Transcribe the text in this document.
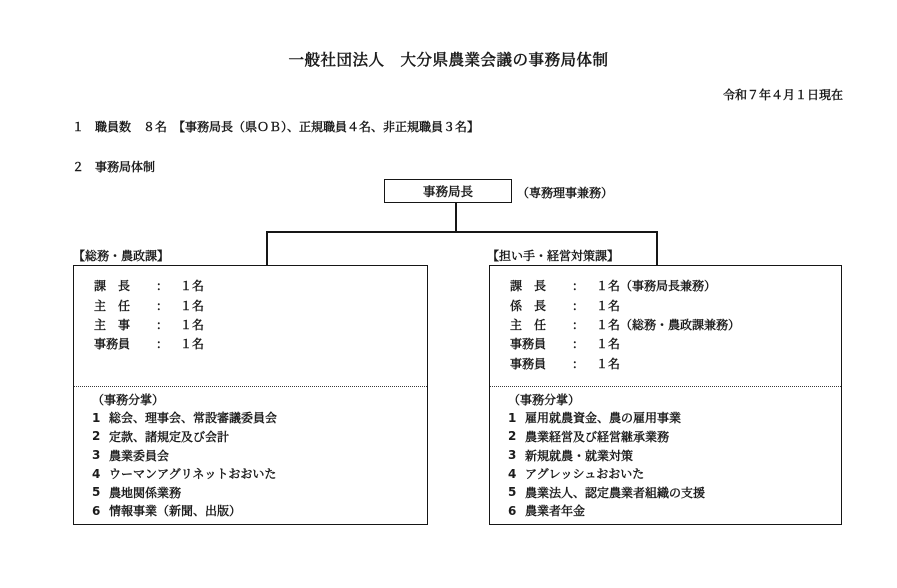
一般社団法人　大分県農業会議の事務局体制
令和７年４月１日現在
１ 職員数　８名　【事務局長（県ＯＢ）、正規職員４名、非正規職員３名】
２ 事務局体制
事務局長	（専務理事兼務）
【総務・農政課】	【担い手・経営対策課】
課　長	： １名
主　任	： １名
主　事	： １名
事務員	： １名
（事務分掌）
1 総会、理事会、常設審議委員会
2 定款、諸規定及び会計
3 農業委員会
4 ウーマンアグリネットおおいた
5 農地関係業務
6 情報事業（新聞、出版）
課　長	： １名 （事務局長兼務）
係　長	： １名
主　任	： １名 （総務・農政課兼務）
事務員	： １名
事務員	： １名
（事務分掌）
1 雇用就農資金、農の雇用事業
2 農業経営及び経営継承業務
3 新規就農・就業対策
4 アグレッシュおおいた
5 農業法人、認定農業者組織の支援
6 農業者年金
